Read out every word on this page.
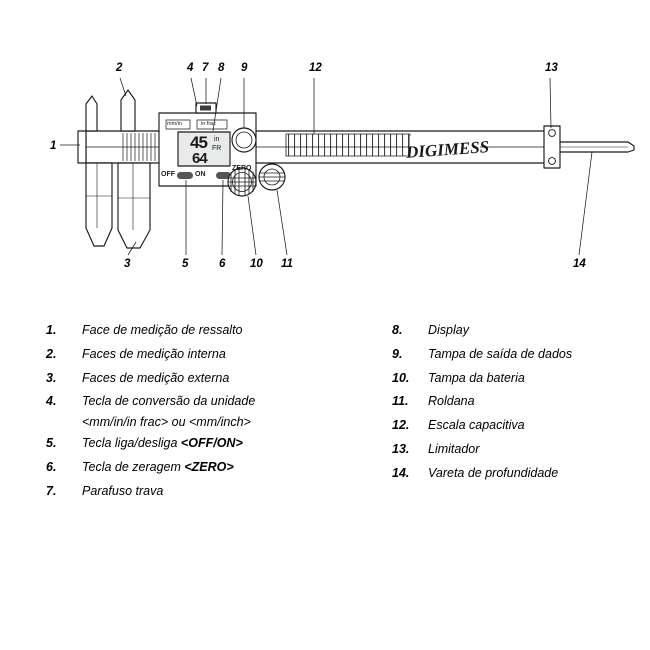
DIGIMESS
45
64
in
FR
mm/in	in frac
OFF	ON
ZERO
1
2
3
4
5	6
7 8 9
10 11
12	13
14
1.	Face de medição de ressalto
2.	Faces de medição interna
3.	Faces de medição externa
4.	Tecla de conversão da unidade
<mm/in/in frac> ou <mm/inch>
5.	Tecla liga/desliga <OFF/ON>
6.	Tecla de zeragem <ZERO>
7.	Parafuso trava
8.	Display
9.	Tampa de saída de dados
10.	Tampa da bateria
11.	Roldana
12.	Escala capacitiva
13.	Limitador
14.	Vareta de profundidade
